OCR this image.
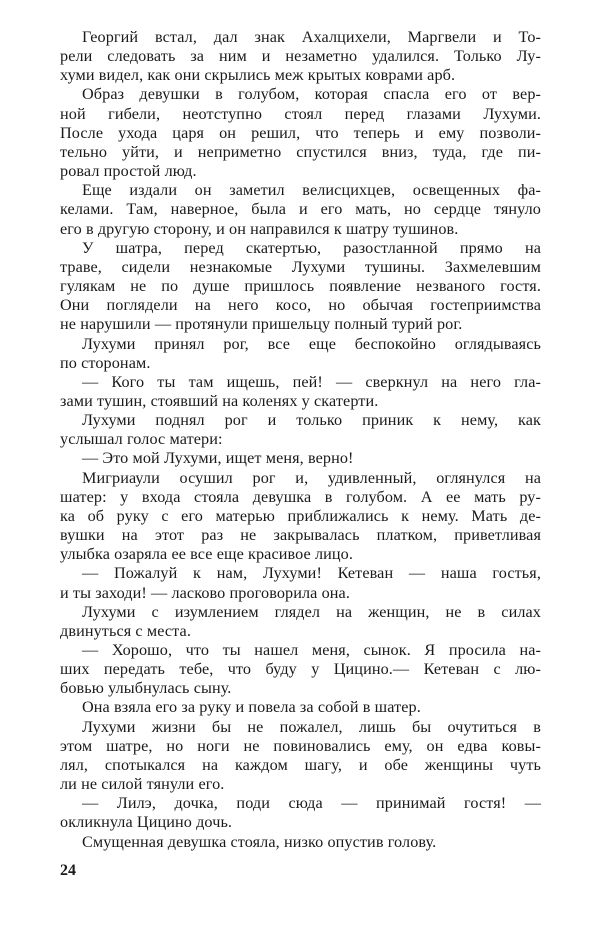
Георгий встал, дал знак Ахалцихели, Маргвели и То-
рели следовать за ним и незаметно удалился. Только Лу-
хуми видел, как они скрылись меж крытых коврами арб.
Образ девушки в голубом, которая спасла его от вер-
ной гибели, неотступно стоял перед глазами Лухуми.
После ухода царя он решил, что теперь и ему позволи-
тельно уйти, и неприметно спустился вниз, туда, где пи-
ровал простой люд.
Еще издали он заметил велисцихцев, освещенных фа-
келами. Там, наверное, была и его мать, но сердце тянуло
его в другую сторону, и он направился к шатру тушинов.
У шатра, перед скатертью, разостланной прямо на
траве, сидели незнакомые Лухуми тушины. Захмелевшим
гулякам не по душе пришлось появление незваного гостя.
Они поглядели на него косо, но обычая гостеприимства
не нарушили — протянули пришельцу полный турий рог.
Лухуми принял рог, все еще беспокойно оглядываясь
по сторонам.
— Кого ты там ищешь, пей! — сверкнул на него гла-
зами тушин, стоявший на коленях у скатерти.
Лухуми поднял рог и только приник к нему, как
услышал голос матери:
— Это мой Лухуми, ищет меня, верно!
Мигриаули осушил рог и, удивленный, оглянулся на
шатер: у входа стояла девушка в голубом. А ее мать ру-
ка об руку с его матерью приближались к нему. Мать де-
вушки на этот раз не закрывалась платком, приветливая
улыбка озаряла ее все еще красивое лицо.
— Пожалуй к нам, Лухуми! Кетеван — наша гостья,
и ты заходи! — ласково проговорила она.
Лухуми с изумлением глядел на женщин, не в силах
двинуться с места.
— Хорошо, что ты нашел меня, сынок. Я просила на-
ших передать тебе, что буду у Цицино.— Кетеван с лю-
бовью улыбнулась сыну.
Она взяла его за руку и повела за собой в шатер.
Лухуми жизни бы не пожалел, лишь бы очутиться в
этом шатре, но ноги не повиновались ему, он едва ковы-
лял, спотыкался на каждом шагу, и обе женщины чуть
ли не силой тянули его.
— Лилэ, дочка, поди сюда — принимай гостя! —
окликнула Цицино дочь.
Смущенная девушка стояла, низко опустив голову.
24
